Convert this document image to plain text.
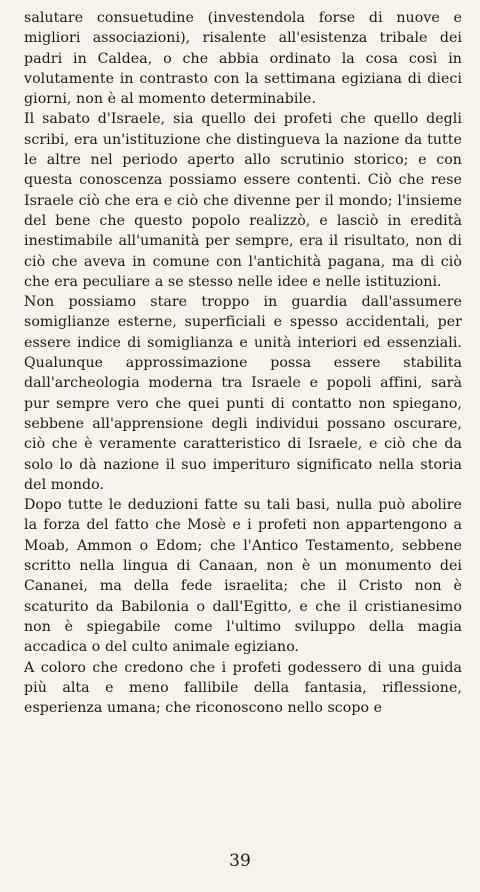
salutare consuetudine (investendola forse di nuove e migliori associazioni), risalente all'esistenza tribale dei padri in Caldea, o che abbia ordinato la cosa così in volutamente in contrasto con la settimana egiziana di dieci giorni, non è al momento determinabile.

Il sabato d'Israele, sia quello dei profeti che quello degli scribi, era un'istituzione che distingueva la nazione da tutte le altre nel periodo aperto allo scrutinio storico; e con questa conoscenza possiamo essere contenti. Ciò che rese Israele ciò che era e ciò che divenne per il mondo; l'insieme del bene che questo popolo realizzò, e lasciò in eredità inestimabile all'umanità per sempre, era il risultato, non di ciò che aveva in comune con l'antichità pagana, ma di ciò che era peculiare a se stesso nelle idee e nelle istituzioni.

Non possiamo stare troppo in guardia dall'assumere somiglianze esterne, superficiali e spesso accidentali, per essere indice di somiglianza e unità interiori ed essenziali. Qualunque approssimazione possa essere stabilita dall'archeologia moderna tra Israele e popoli affini, sarà pur sempre vero che quei punti di contatto non spiegano, sebbene all'apprensione degli individui possano oscurare, ciò che è veramente caratteristico di Israele, e ciò che da solo lo dà nazione il suo imperituro significato nella storia del mondo.

Dopo tutte le deduzioni fatte su tali basi, nulla può abolire la forza del fatto che Mosè e i profeti non appartengono a Moab, Ammon o Edom; che l'Antico Testamento, sebbene scritto nella lingua di Canaan, non è un monumento dei Cananei, ma della fede israelita; che il Cristo non è scaturito da Babilonia o dall'Egitto, e che il cristianesimo non è spiegabile come l'ultimo sviluppo della magia accadica o del culto animale egiziano.

A coloro che credono che i profeti godessero di una guida più alta e meno fallibile della fantasia, riflessione, esperienza umana; che riconoscono nello scopo e

39
